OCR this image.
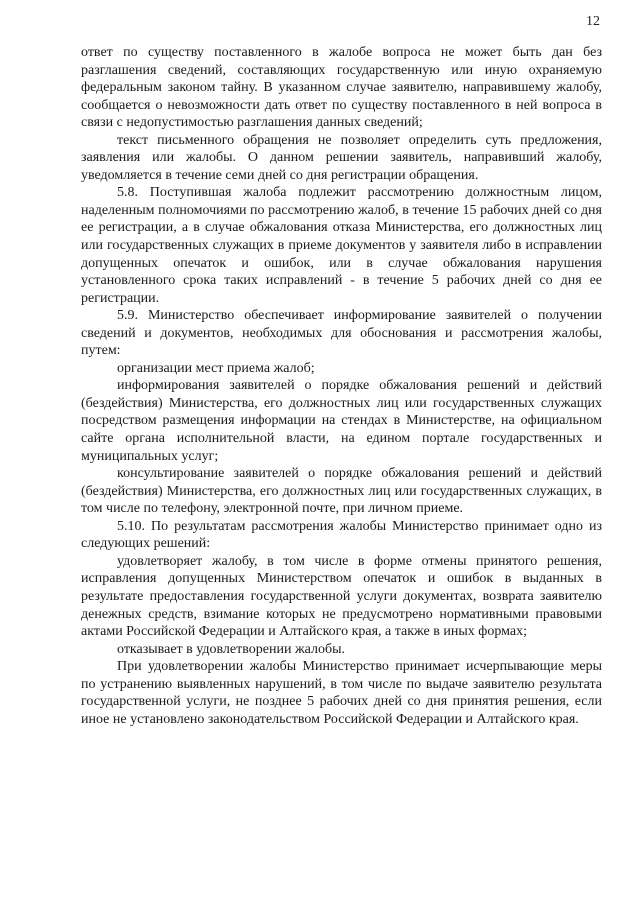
12

ответ по существу поставленного в жалобе вопроса не может быть дан без разглашения сведений, составляющих государственную или иную охраняемую федеральным законом тайну. В указанном случае заявителю, направившему жалобу, сообщается о невозможности дать ответ по существу поставленного в ней вопроса в связи с недопустимостью разглашения данных сведений;

текст письменного обращения не позволяет определить суть предложения, заявления или жалобы. О данном решении заявитель, направивший жалобу, уведомляется в течение семи дней со дня регистрации обращения.

5.8. Поступившая жалоба подлежит рассмотрению должностным лицом, наделенным полномочиями по рассмотрению жалоб, в течение 15 рабочих дней со дня ее регистрации, а в случае обжалования отказа Министерства, его должностных лиц или государственных служащих в приеме документов у заявителя либо в исправлении допущенных опечаток и ошибок, или в случае обжалования нарушения установленного срока таких исправлений - в течение 5 рабочих дней со дня ее регистрации.

5.9. Министерство обеспечивает информирование заявителей о получении сведений и документов, необходимых для обоснования и рассмотрения жалобы, путем:

организации мест приема жалоб;

информирования заявителей о порядке обжалования решений и действий (бездействия) Министерства, его должностных лиц или государственных служащих посредством размещения информации на стендах в Министерстве, на официальном сайте органа исполнительной власти, на едином портале государственных и муниципальных услуг;

консультирование заявителей о порядке обжалования решений и действий (бездействия) Министерства, его должностных лиц или государственных служащих, в том числе по телефону, электронной почте, при личном приеме.

5.10. По результатам рассмотрения жалобы Министерство принимает одно из следующих решений:

удовлетворяет жалобу, в том числе в форме отмены принятого решения, исправления допущенных Министерством опечаток и ошибок в выданных в результате предоставления государственной услуги документах, возврата заявителю денежных средств, взимание которых не предусмотрено нормативными правовыми актами Российской Федерации и Алтайского края, а также в иных формах;

отказывает в удовлетворении жалобы.

При удовлетворении жалобы Министерство принимает исчерпывающие меры по устранению выявленных нарушений, в том числе по выдаче заявителю результата государственной услуги, не позднее 5 рабочих дней со дня принятия решения, если иное не установлено законодательством Российской Федерации и Алтайского края.
